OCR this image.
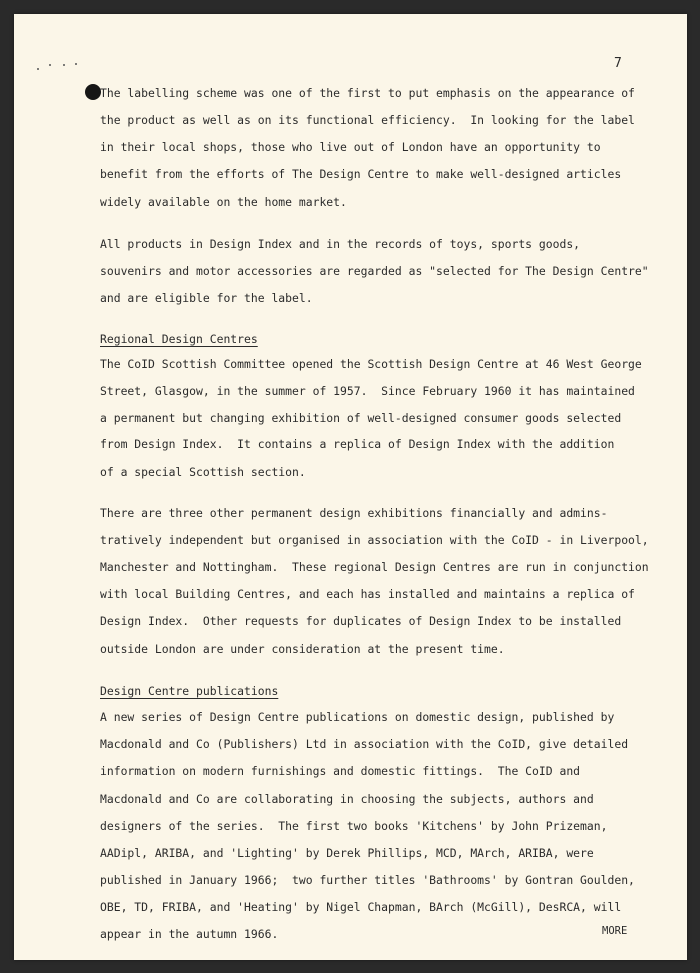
7
The labelling scheme was one of the first to put emphasis on the appearance of
the product as well as on its functional efficiency.  In looking for the label
in their local shops, those who live out of London have an opportunity to
benefit from the efforts of The Design Centre to make well-designed articles
widely available on the home market.
All products in Design Index and in the records of toys, sports goods,
souvenirs and motor accessories are regarded as "selected for The Design Centre"
and are eligible for the label.
Regional Design Centres
The CoID Scottish Committee opened the Scottish Design Centre at 46 West George
Street, Glasgow, in the summer of 1957.  Since February 1960 it has maintained
a permanent but changing exhibition of well-designed consumer goods selected
from Design Index.  It contains a replica of Design Index with the addition
of a special Scottish section.
There are three other permanent design exhibitions financially and admins-
tratively independent but organised in association with the CoID - in Liverpool,
Manchester and Nottingham.  These regional Design Centres are run in conjunction
with local Building Centres, and each has installed and maintains a replica of
Design Index.  Other requests for duplicates of Design Index to be installed
outside London are under consideration at the present time.
Design Centre publications
A new series of Design Centre publications on domestic design, published by
Macdonald and Co (Publishers) Ltd in association with the CoID, give detailed
information on modern furnishings and domestic fittings.  The CoID and
Macdonald and Co are collaborating in choosing the subjects, authors and
designers of the series.  The first two books 'Kitchens' by John Prizeman,
AADipl, ARIBA, and 'Lighting' by Derek Phillips, MCD, MArch, ARIBA, were
published in January 1966;  two further titles 'Bathrooms' by Gontran Goulden,
OBE, TD, FRIBA, and 'Heating' by Nigel Chapman, BArch (McGill), DesRCA, will
appear in the autumn 1966.	MORE
